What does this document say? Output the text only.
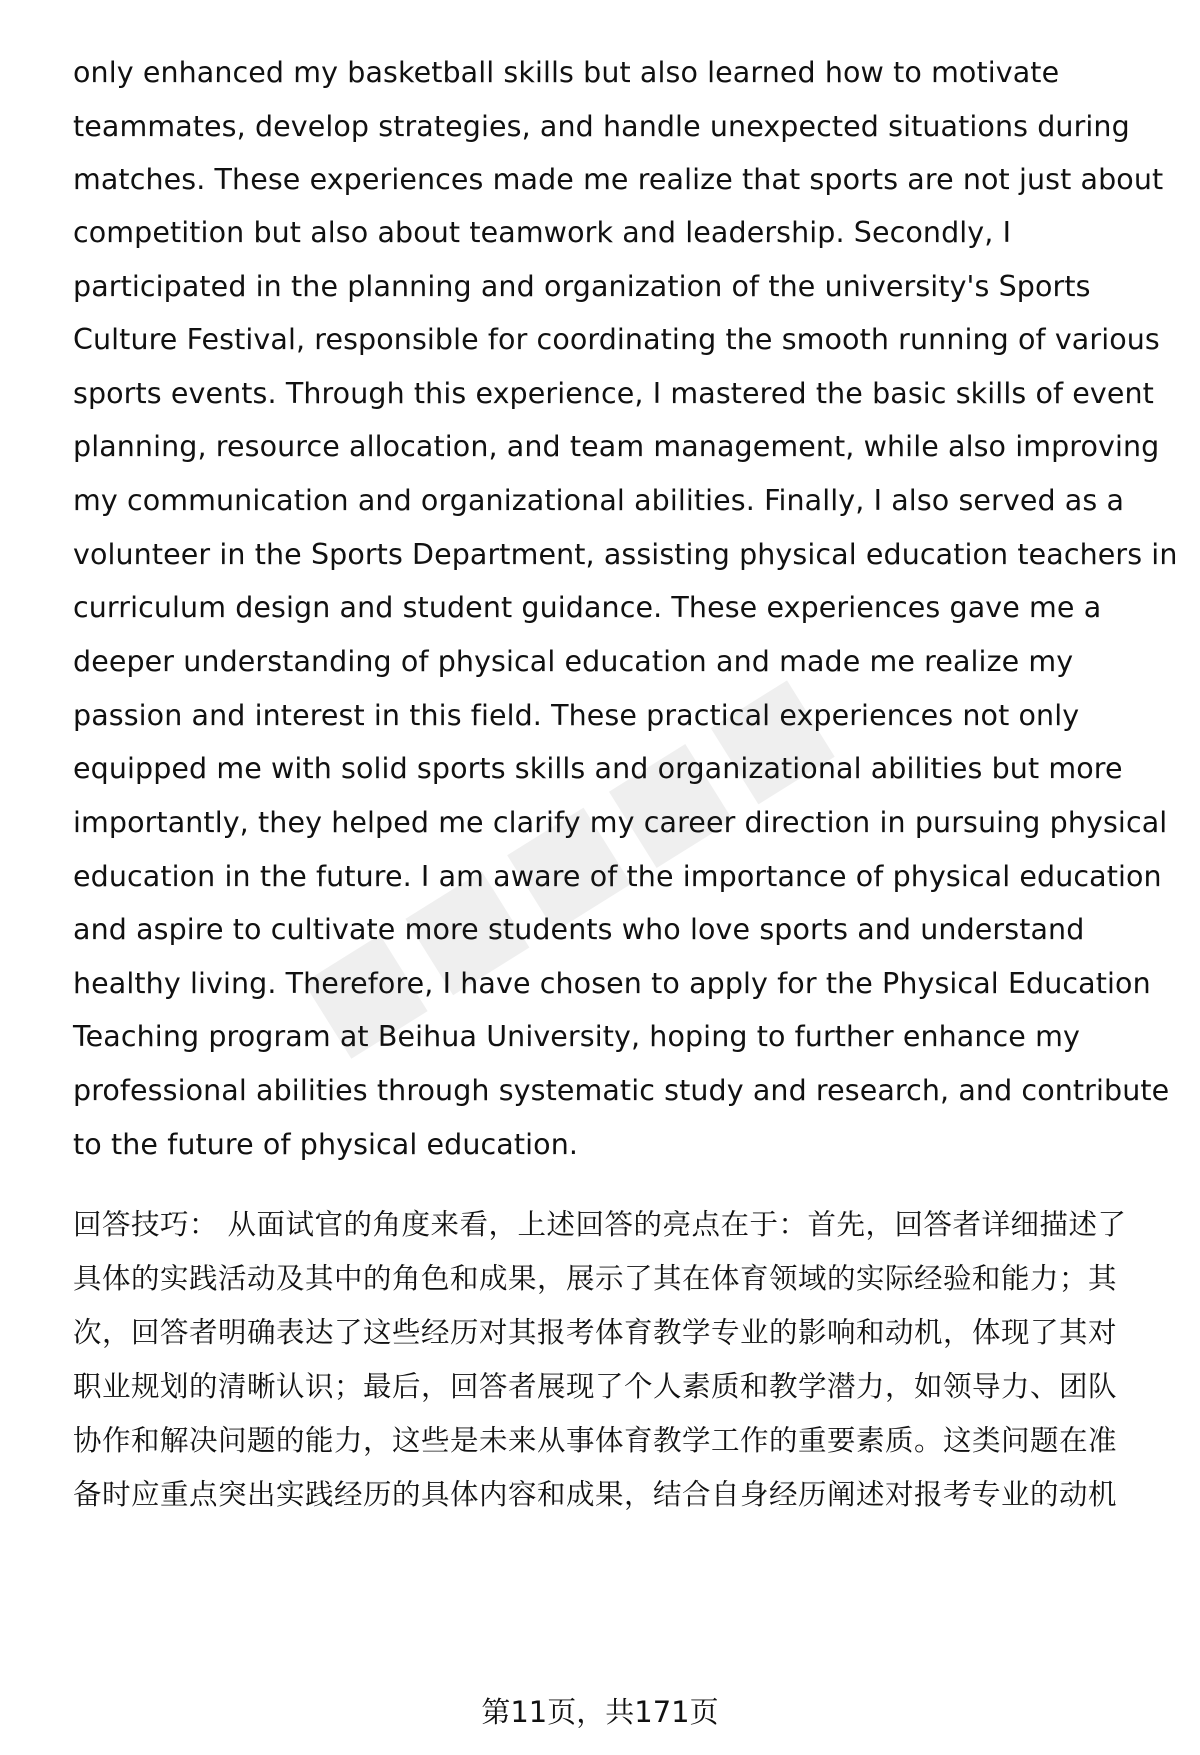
only enhanced my basketball skills but also learned how to motivate
teammates, develop strategies, and handle unexpected situations during
matches. These experiences made me realize that sports are not just about
competition but also about teamwork and leadership. Secondly, I
participated in the planning and organization of the university's Sports
Culture Festival, responsible for coordinating the smooth running of various
sports events. Through this experience, I mastered the basic skills of event
planning, resource allocation, and team management, while also improving
my communication and organizational abilities. Finally, I also served as a
volunteer in the Sports Department, assisting physical education teachers in
curriculum design and student guidance. These experiences gave me a
deeper understanding of physical education and made me realize my
passion and interest in this field. These practical experiences not only
equipped me with solid sports skills and organizational abilities but more
importantly, they helped me clarify my career direction in pursuing physical
education in the future. I am aware of the importance of physical education
and aspire to cultivate more students who love sports and understand
healthy living. Therefore, I have chosen to apply for the Physical Education
Teaching program at Beihua University, hoping to further enhance my
professional abilities through systematic study and research, and contribute
to the future of physical education.
回答技巧： 从面试官的角度来看，上述回答的亮点在于：首先，回答者详细描述了
具体的实践活动及其中的角色和成果，展示了其在体育领域的实际经验和能力；其
次，回答者明确表达了这些经历对其报考体育教学专业的影响和动机，体现了其对
职业规划的清晰认识；最后，回答者展现了个人素质和教学潜力，如领导力、团队
协作和解决问题的能力，这些是未来从事体育教学工作的重要素质。这类问题在准
备时应重点突出实践经历的具体内容和成果，结合自身经历阐述对报考专业的动机
第11页，共171页
